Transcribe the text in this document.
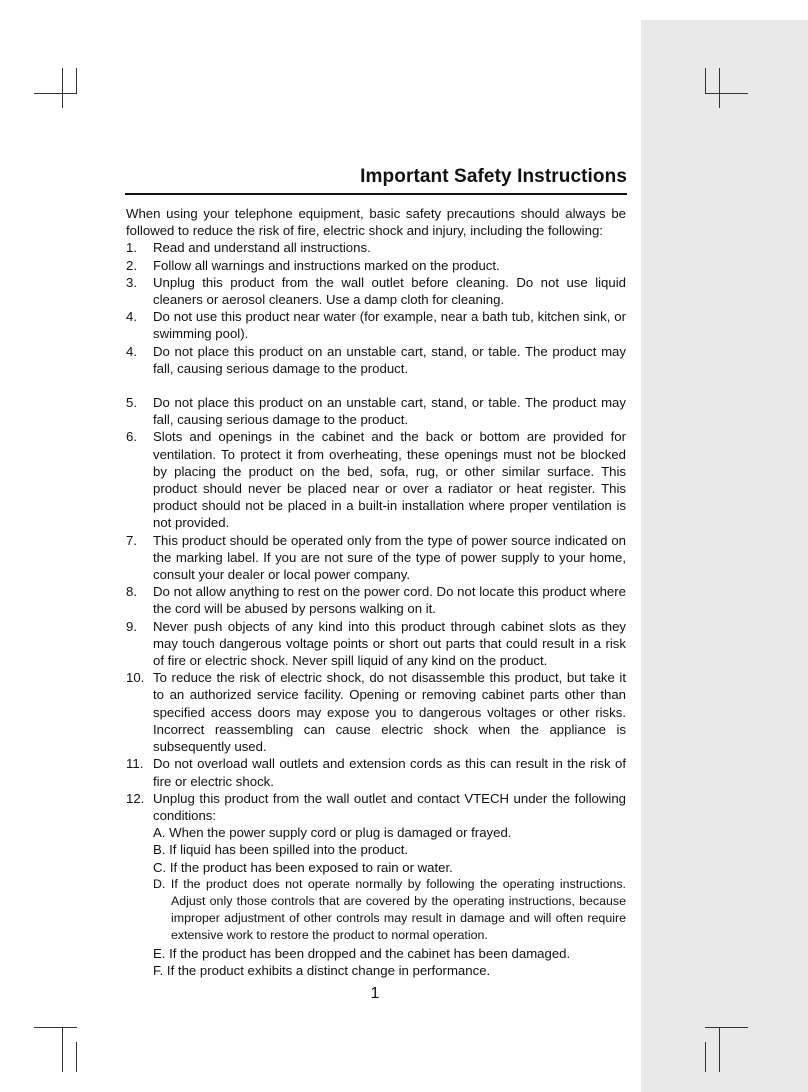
Important Safety Instructions

When using your telephone equipment, basic safety precautions should always be followed to reduce the risk of fire, electric shock and injury, including the following:

1. Read and understand all instructions.
2. Follow all warnings and instructions marked on the product.
3. Unplug this product from the wall outlet before cleaning. Do not use liquid cleaners or aerosol cleaners. Use a damp cloth for cleaning.
4. Do not use this product near water (for example, near a bath tub, kitchen sink, or swimming pool).
4. Do not place this product on an unstable cart, stand, or table. The product may fall, causing serious damage to the product.
5. Do not place this product on an unstable cart, stand, or table. The product may fall, causing serious damage to the product.
6. Slots and openings in the cabinet and the back or bottom are provided for ventilation. To protect it from overheating, these openings must not be blocked by placing the product on the bed, sofa, rug, or other similar surface. This product should never be placed near or over a radiator or heat register. This product should not be placed in a built-in installation where proper ventilation is not provided.
7. This product should be operated only from the type of power source indicated on the marking label. If you are not sure of the type of power supply to your home, consult your dealer or local power company.
8. Do not allow anything to rest on the power cord. Do not locate this product where the cord will be abused by persons walking on it.
9. Never push objects of any kind into this product through cabinet slots as they may touch dangerous voltage points or short out parts that could result in a risk of fire or electric shock. Never spill liquid of any kind on the product.
10. To reduce the risk of electric shock, do not disassemble this product, but take it to an authorized service facility. Opening or removing cabinet parts other than specified access doors may expose you to dangerous voltages or other risks. Incorrect reassembling can cause electric shock when the appliance is subsequently used.
11. Do not overload wall outlets and extension cords as this can result in the risk of fire or electric shock.
12. Unplug this product from the wall outlet and contact VTECH under the following conditions:
A. When the power supply cord or plug is damaged or frayed.
B. If liquid has been spilled into the product.
C. If the product has been exposed to rain or water.
D. If the product does not operate normally by following the operating instructions. Adjust only those controls that are covered by the operating instructions, because improper adjustment of other controls may result in damage and will often require extensive work to restore the product to normal operation.
E. If the product has been dropped and the cabinet has been damaged.
F. If the product exhibits a distinct change in performance.
1
